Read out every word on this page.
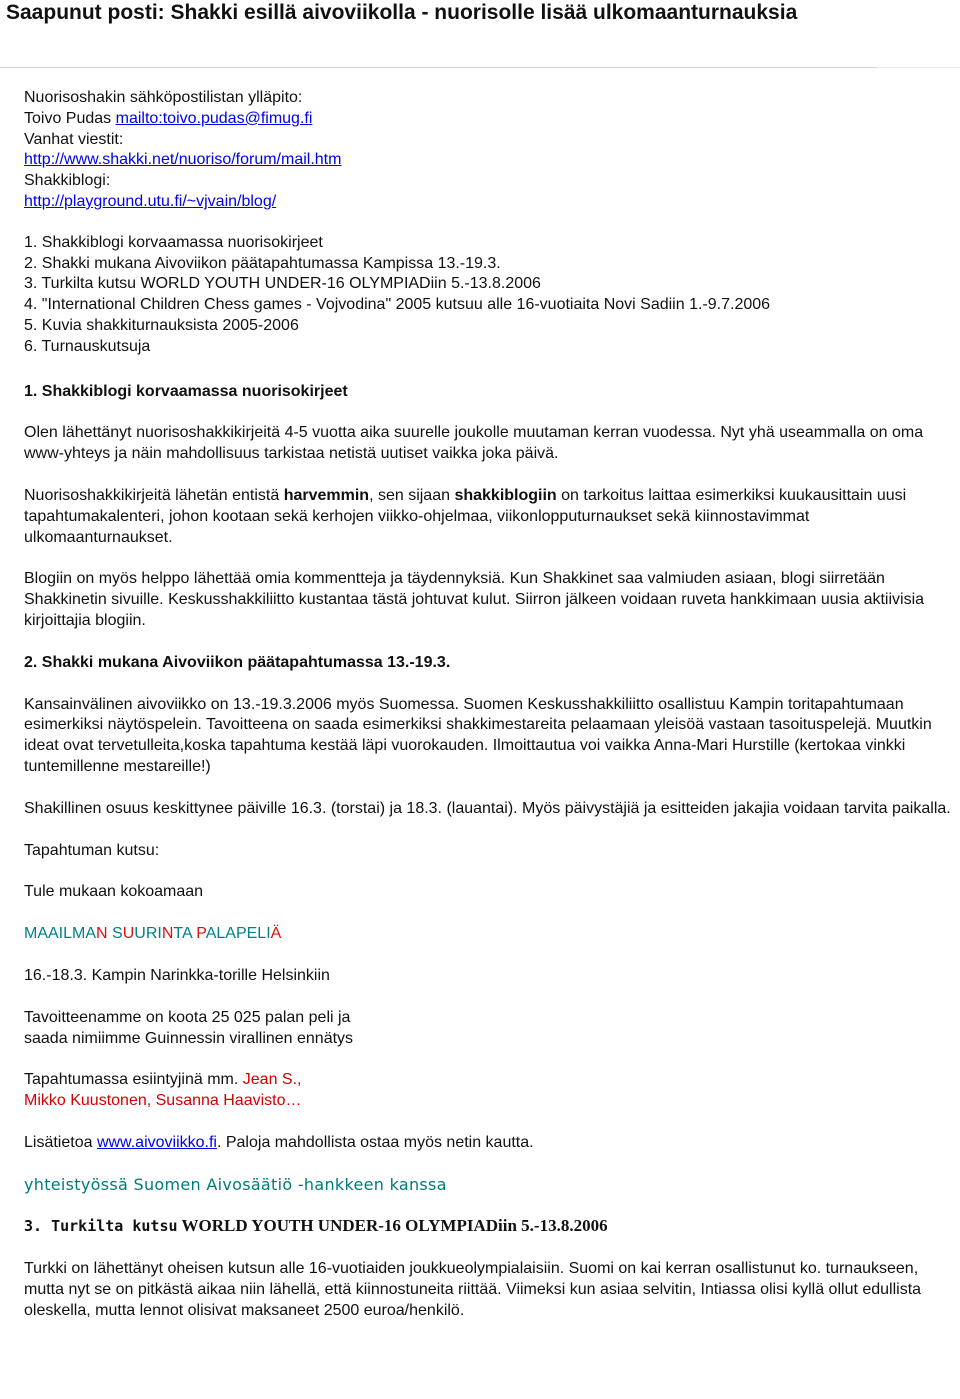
Saapunut posti: Shakki esillä aivoviikolla - nuorisolle lisää ulkomaanturnauksia

Nuorisoshakin sähköpostilistan ylläpito:

Toivo Pudas mailto:toivo.pudas@fimug.fi

Vanhat viestit:

http://www.shakki.net/nuoriso/forum/mail.htm

Shakkiblogi:

http://playground.utu.fi/~vjvain/blog/

1. Shakkiblogi korvaamassa nuorisokirjeet

2. Shakki mukana Aivoviikon päätapahtumassa Kampissa 13.-19.3.

3. Turkilta kutsu WORLD YOUTH UNDER-16 OLYMPIADiin 5.-13.8.2006

4. "International Children Chess games - Vojvodina" 2005 kutsuu alle 16-vuotiaita Novi Sadiin 1.-9.7.2006

5. Kuvia shakkiturnauksista 2005-2006

6. Turnauskutsuja

1. Shakkiblogi korvaamassa nuorisokirjeet

Olen lähettänyt nuorisoshakkikirjeitä 4-5 vuotta aika suurelle joukolle muutaman kerran vuodessa. Nyt yhä useammalla on oma www-yhteys ja näin mahdollisuus tarkistaa netistä uutiset vaikka joka päivä.

Nuorisoshakkikirjeitä lähetän entistä harvemmin, sen sijaan shakkiblogiin on tarkoitus laittaa esimerkiksi kuukausittain uusi tapahtumakalenteri, johon kootaan sekä kerhojen viikko-ohjelmaa, viikonlopputurnaukset sekä kiinnostavimmat ulkomaanturnaukset.

Blogiin on myös helppo lähettää omia kommentteja ja täydennyksiä. Kun Shakkinet saa valmiuden asiaan, blogi siirretään Shakkinetin sivuille. Keskusshakkiliitto kustantaa tästä johtuvat kulut. Siirron jälkeen voidaan ruveta hankkimaan uusia aktiivisia kirjoittajia blogiin.

2. Shakki mukana Aivoviikon päätapahtumassa 13.-19.3.

Kansainvälinen aivoviikko on 13.-19.3.2006 myös Suomessa. Suomen Keskusshakkiliitto osallistuu Kampin toritapahtumaan esimerkiksi näytöspelein. Tavoitteena on saada esimerkiksi shakkimestareita pelaamaan yleisöä vastaan tasoituspelejä. Muutkin ideat ovat tervetulleita,koska tapahtuma kestää läpi vuorokauden. Ilmoittautua voi vaikka Anna-Mari Hurstille (kertokaa vinkki tuntemillenne mestareille!)

Shakillinen osuus keskittynee päiville 16.3. (torstai) ja 18.3. (lauantai). Myös päivystäjiä ja esitteiden jakajia voidaan tarvita paikalla.

Tapahtuman kutsu:

Tule mukaan kokoamaan

MAAILMAN SUURINTA PALAPELIÄ

16.-18.3. Kampin Narinkka-torille Helsinkiin

Tavoitteenamme on koota 25 025 palan peli ja

saada nimiimme Guinnessin virallinen ennätys

Tapahtumassa esiintyjinä mm. Jean S.,

Mikko Kuustonen, Susanna Haavisto…

Lisätietoa www.aivoviikko.fi. Paloja mahdollista ostaa myös netin kautta.

yhteistyössä Suomen Aivosäätiö -hankkeen kanssa

3. Turkilta kutsu WORLD YOUTH UNDER-16 OLYMPIADiin 5.-13.8.2006

Turkki on lähettänyt oheisen kutsun alle 16-vuotiaiden joukkueolympialaisiin. Suomi on kai kerran osallistunut ko. turnaukseen, mutta nyt se on pitkästä aikaa niin lähellä, että kiinnostuneita riittää. Viimeksi kun asiaa selvitin, Intiassa olisi kyllä ollut edullista oleskella, mutta lennot olisivat maksaneet 2500 euroa/henkilö.
